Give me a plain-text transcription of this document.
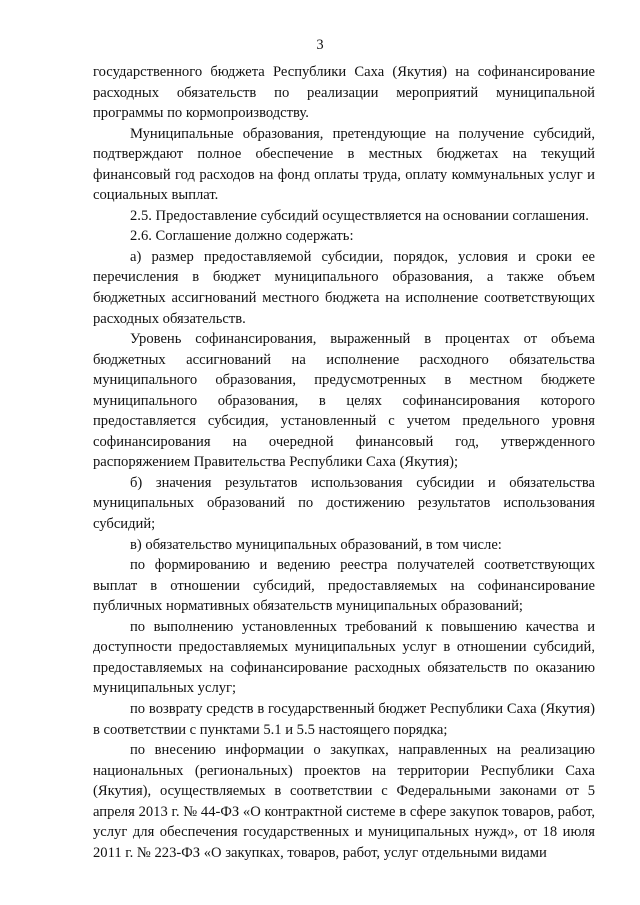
3

государственного бюджета Республики Саха (Якутия) на софинансирование расходных обязательств по реализации мероприятий муниципальной программы по кормопроизводству.

Муниципальные образования, претендующие на получение субсидий, подтверждают полное обеспечение в местных бюджетах на текущий финансовый год расходов на фонд оплаты труда, оплату коммунальных услуг и социальных выплат.

2.5. Предоставление субсидий осуществляется на основании соглашения.

2.6. Соглашение должно содержать:

а) размер предоставляемой субсидии, порядок, условия и сроки ее перечисления в бюджет муниципального образования, а также объем бюджетных ассигнований местного бюджета на исполнение соответствующих расходных обязательств.

Уровень софинансирования, выраженный в процентах от объема бюджетных ассигнований на исполнение расходного обязательства муниципального образования, предусмотренных в местном бюджете муниципального образования, в целях софинансирования которого предоставляется субсидия, установленный с учетом предельного уровня софинансирования на очередной финансовый год, утвержденного распоряжением Правительства Республики Саха (Якутия);

б) значения результатов использования субсидии и обязательства муниципальных образований по достижению результатов использования субсидий;

в) обязательство муниципальных образований, в том числе:

по формированию и ведению реестра получателей соответствующих выплат в отношении субсидий, предоставляемых на софинансирование публичных нормативных обязательств муниципальных образований;

по выполнению установленных требований к повышению качества и доступности предоставляемых муниципальных услуг в отношении субсидий, предоставляемых на софинансирование расходных обязательств по оказанию муниципальных услуг;

по возврату средств в государственный бюджет Республики Саха (Якутия) в соответствии с пунктами 5.1 и 5.5 настоящего порядка;

по внесению информации о закупках, направленных на реализацию национальных (региональных) проектов на территории Республики Саха (Якутия), осуществляемых в соответствии с Федеральными законами от 5 апреля 2013 г. № 44-ФЗ «О контрактной системе в сфере закупок товаров, работ, услуг для обеспечения государственных и муниципальных нужд», от 18 июля 2011 г. № 223-ФЗ «О закупках, товаров, работ, услуг отдельными видами
